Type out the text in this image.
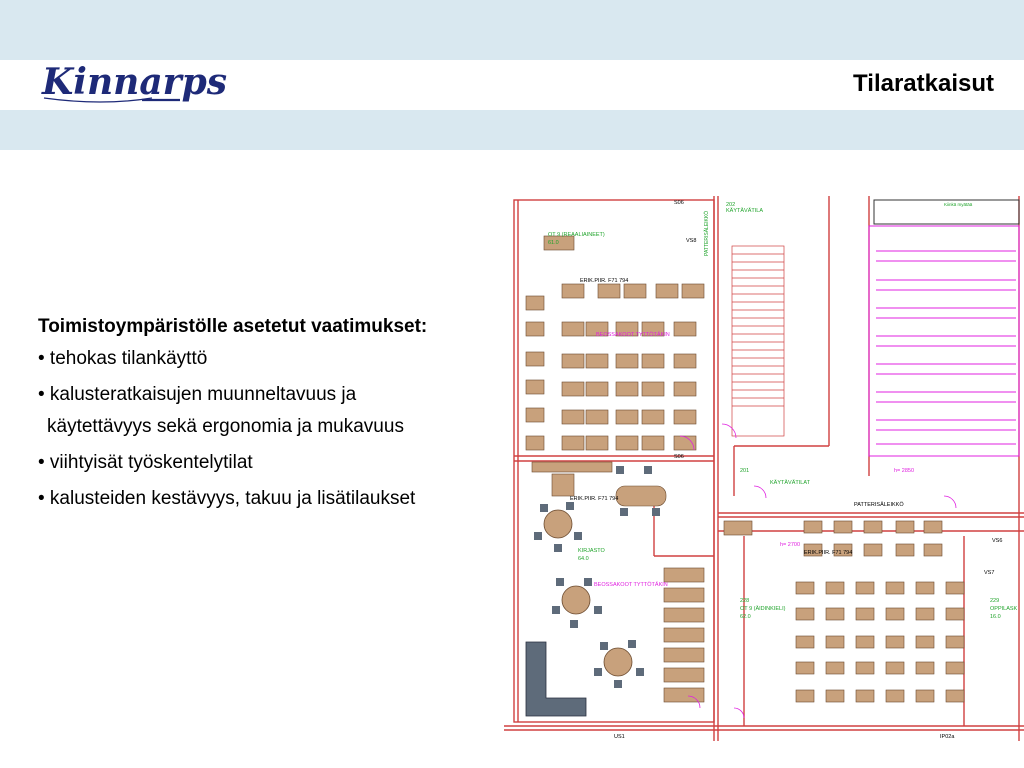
Kinnarps	Tilaratkaisut
Toimistoympäristölle asetetut vaatimukset:
• tehokas tilankäyttö
• kalusteratkaisujen muunneltavuus ja
käytettävyys sekä ergonomia ja mukavuus
• viihtyisät työskentelytilat
• kalusteiden kestävyys, takuu ja lisätilaukset
202
KÄYTÄVÄTILA
Kiinkä myätää
OT 9 (REAALIAINEET)
61.0	VS8
S06
ERIK.PIIR. F71 794
BEOSSAKOOT TYTTÖTÄKIN
S06
201
KÄYTÄVÄTILAT
h= 2850
PATTERISÄLEIKKÖ
ERIK.PIIR. F71 794
KIRJASTO
64.0
BEOSSAKOOT TYTTÖTÄKIN
ERIK.PIIR. F71 794
228
OT 9 (ÄIDINKIELI)
62.0
229
OPPILASK
16.0
VS7
VS6
US1	IP02a
h= 2700
PATTERISÄLEIKKÖ
